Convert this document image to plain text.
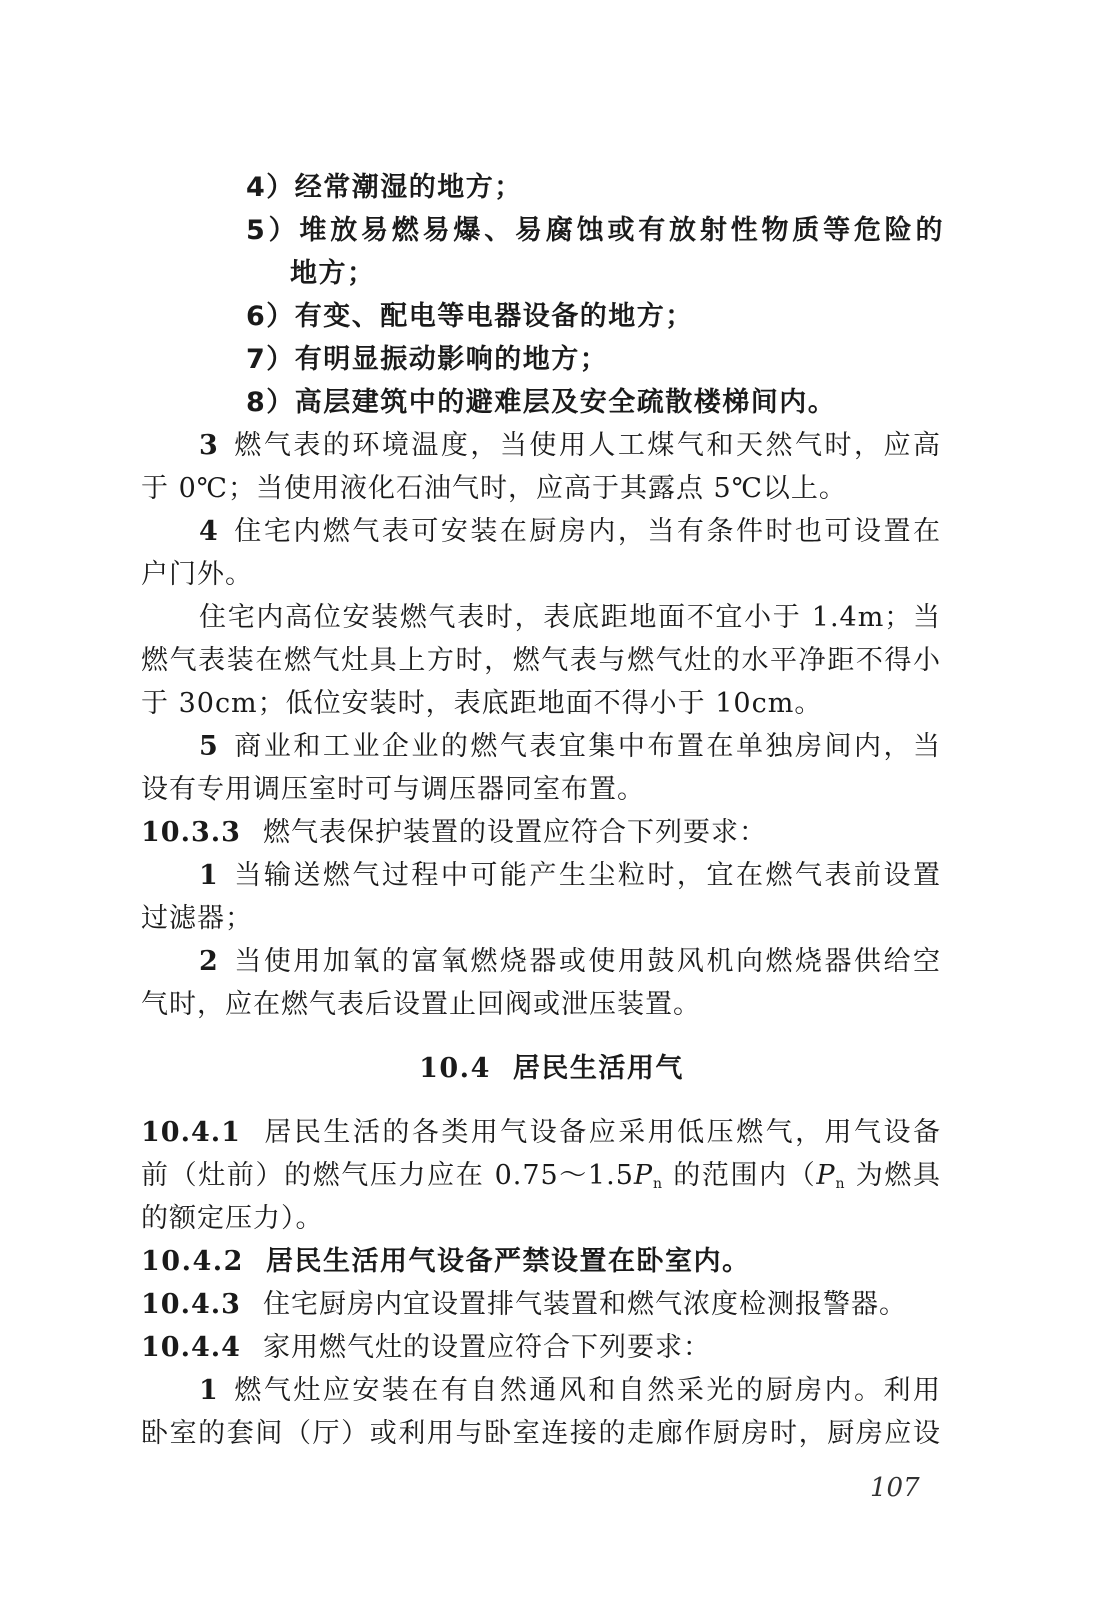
4）经常潮湿的地方；
5）堆放易燃易爆、易腐蚀或有放射性物质等危险的
地方；
6）有变、配电等电器设备的地方；
7）有明显振动影响的地方；
8）高层建筑中的避难层及安全疏散楼梯间内。
3 燃气表的环境温度，当使用人工煤气和天然气时，应高
于 0℃；当使用液化石油气时，应高于其露点 5℃以上。
4 住宅内燃气表可安装在厨房内，当有条件时也可设置在
户门外。
住宅内高位安装燃气表时，表底距地面不宜小于 1.4m；当
燃气表装在燃气灶具上方时，燃气表与燃气灶的水平净距不得小
于 30cm；低位安装时，表底距地面不得小于 10cm。
5 商业和工业企业的燃气表宜集中布置在单独房间内，当
设有专用调压室时可与调压器同室布置。
10.3.3 燃气表保护装置的设置应符合下列要求：
1 当输送燃气过程中可能产生尘粒时，宜在燃气表前设置
过滤器；
2 当使用加氧的富氧燃烧器或使用鼓风机向燃烧器供给空
气时，应在燃气表后设置止回阀或泄压装置。
10.4 居民生活用气
10.4.1 居民生活的各类用气设备应采用低压燃气，用气设备
前（灶前）的燃气压力应在 $0.75\sim 1.5P_n$ 的范围内（$P_n$ 为燃具
的额定压力）。
10.4.2 居民生活用气设备严禁设置在卧室内。
10.4.3 住宅厨房内宜设置排气装置和燃气浓度检测报警器。
10.4.4 家用燃气灶的设置应符合下列要求：
1 燃气灶应安装在有自然通风和自然采光的厨房内。利用
卧室的套间（厅）或利用与卧室连接的走廊作厨房时，厨房应设
107
